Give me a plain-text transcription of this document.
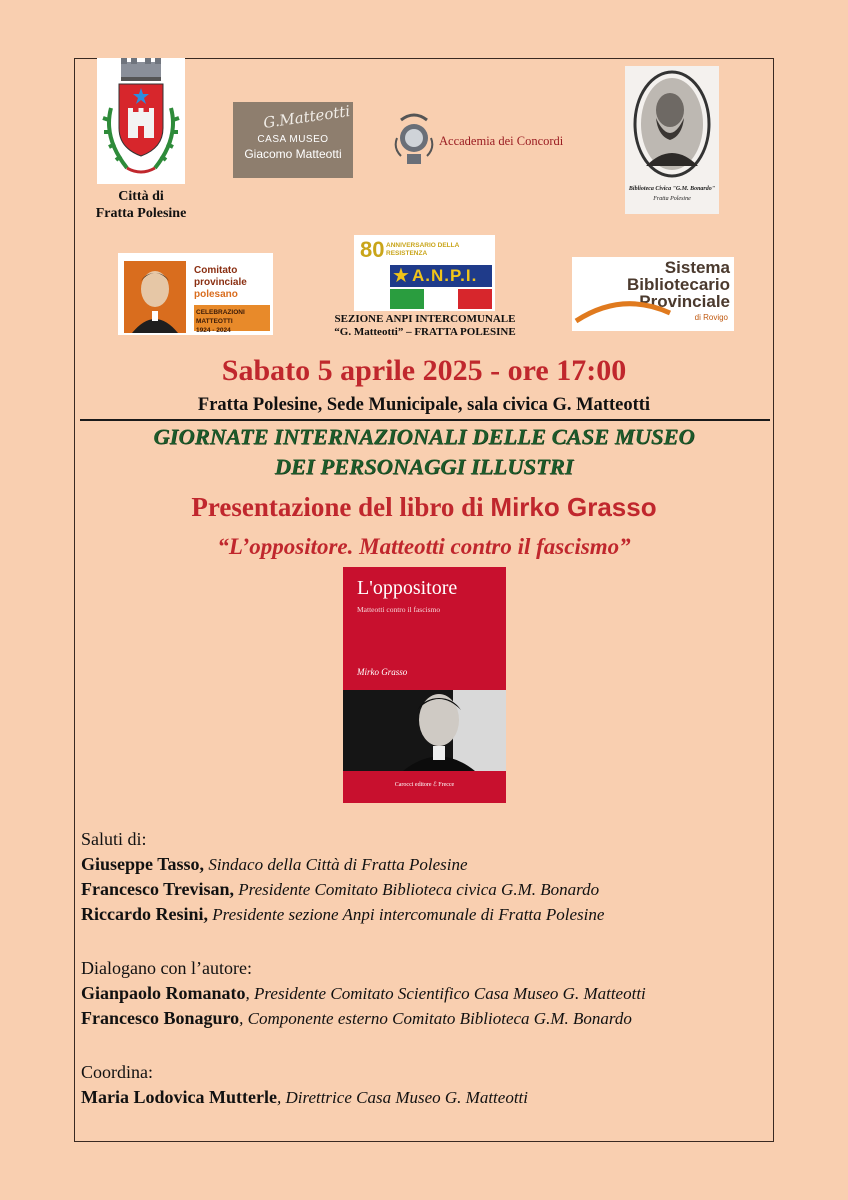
Città di
Fratta Polesine
G.Matteotti
CASA MUSEO
Giacomo Matteotti
Accademia dei Concordi
Biblioteca Civica "G.M. Bonardo"
Fratta Polesine
Comitato
provinciale
polesano
CELEBRAZIONI MATTEOTTI
1924 - 2024
80 ANNIVERSARIO DELLA RESISTENZA
★ A.N.P.I.
SEZIONE ANPI INTERCOMUNALE
“G. Matteotti” – FRATTA POLESINE
Sistema
Bibliotecario
Provinciale
di Rovigo
Sabato 5 aprile 2025 - ore 17:00
Fratta Polesine, Sede Municipale, sala civica G. Matteotti
GIORNATE INTERNAZIONALI DELLE CASE MUSEO
DEI PERSONAGGI ILLUSTRI
Presentazione del libro di Mirko Grasso
“L’oppositore. Matteotti contro il fascismo”
L'oppositore
Matteotti contro il fascismo
Mirko Grasso
Carocci editore ℰ Frecce
Saluti di:
Giuseppe Tasso, Sindaco della Città di Fratta Polesine
Francesco Trevisan, Presidente Comitato Biblioteca civica G.M. Bonardo
Riccardo Resini, Presidente sezione Anpi intercomunale di Fratta Polesine
Dialogano con l’autore:
Gianpaolo Romanato, Presidente Comitato Scientifico Casa Museo G. Matteotti
Francesco Bonaguro, Componente esterno Comitato Biblioteca G.M. Bonardo
Coordina:
Maria Lodovica Mutterle, Direttrice Casa Museo G. Matteotti
